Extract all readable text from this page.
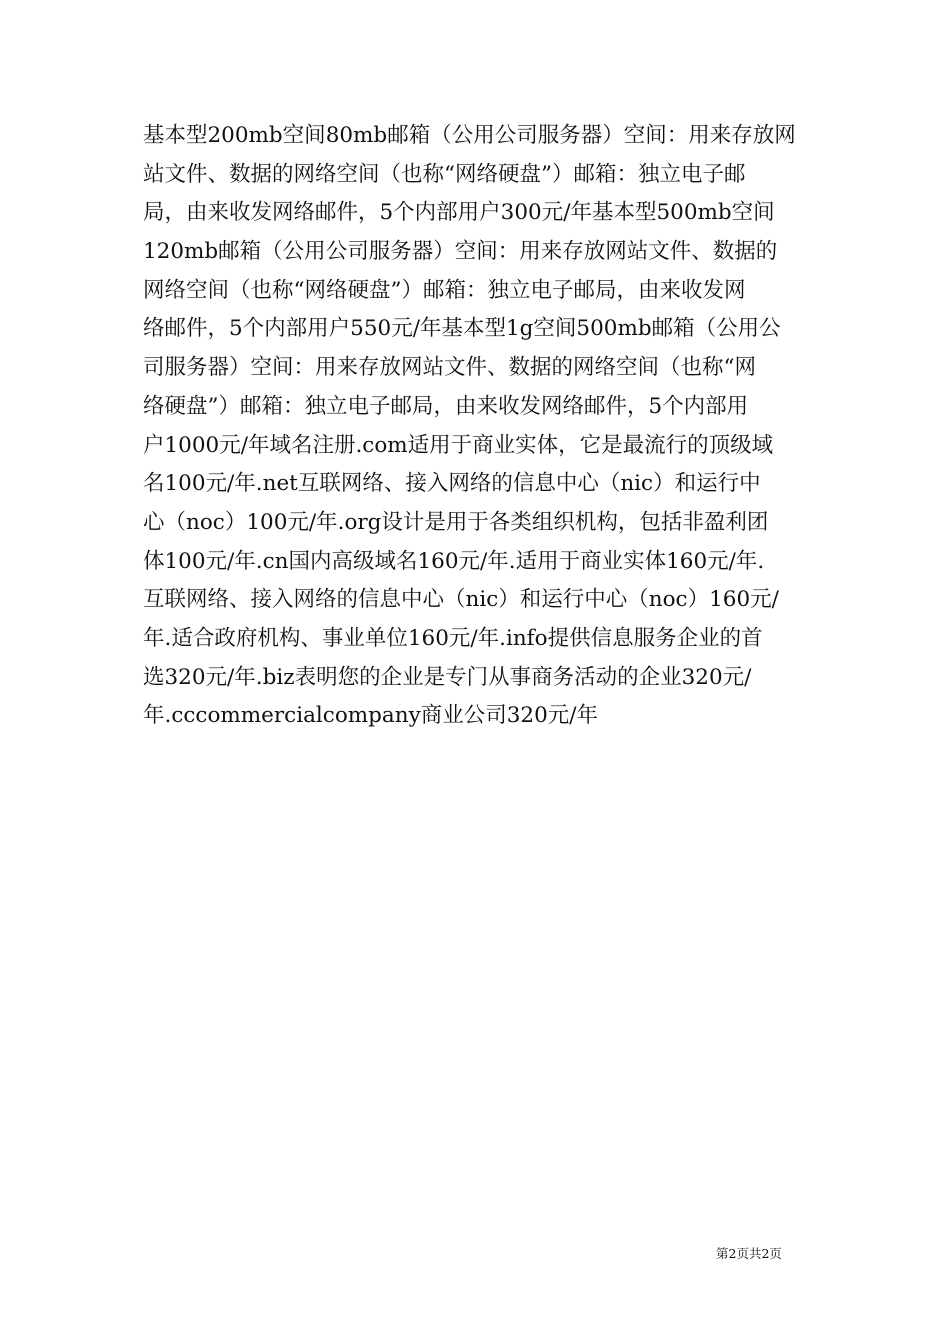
基本型200mb空间80mb邮箱（公用公司服务器）空间：用来存放网
站文件、数据的网络空间（也称“网络硬盘”）邮箱：独立电子邮
局，由来收发网络邮件，5个内部用户300元/年基本型500mb空间
120mb邮箱（公用公司服务器）空间：用来存放网站文件、数据的
网络空间（也称“网络硬盘”）邮箱：独立电子邮局，由来收发网
络邮件，5个内部用户550元/年基本型1g空间500mb邮箱（公用公
司服务器）空间：用来存放网站文件、数据的网络空间（也称“网
络硬盘”）邮箱：独立电子邮局，由来收发网络邮件，5个内部用
户1000元/年域名注册.com适用于商业实体，它是最流行的顶级域
名100元/年.net互联网络、接入网络的信息中心（nic）和运行中
心（noc）100元/年.org设计是用于各类组织机构，包括非盈利团
体100元/年.cn国内高级域名160元/年.适用于商业实体160元/年.
互联网络、接入网络的信息中心（nic）和运行中心（noc）160元/
年.适合政府机构、事业单位160元/年.info提供信息服务企业的首
选320元/年.biz表明您的企业是专门从事商务活动的企业320元/
年.cccommercialcompany商业公司320元/年
第2页共2页
